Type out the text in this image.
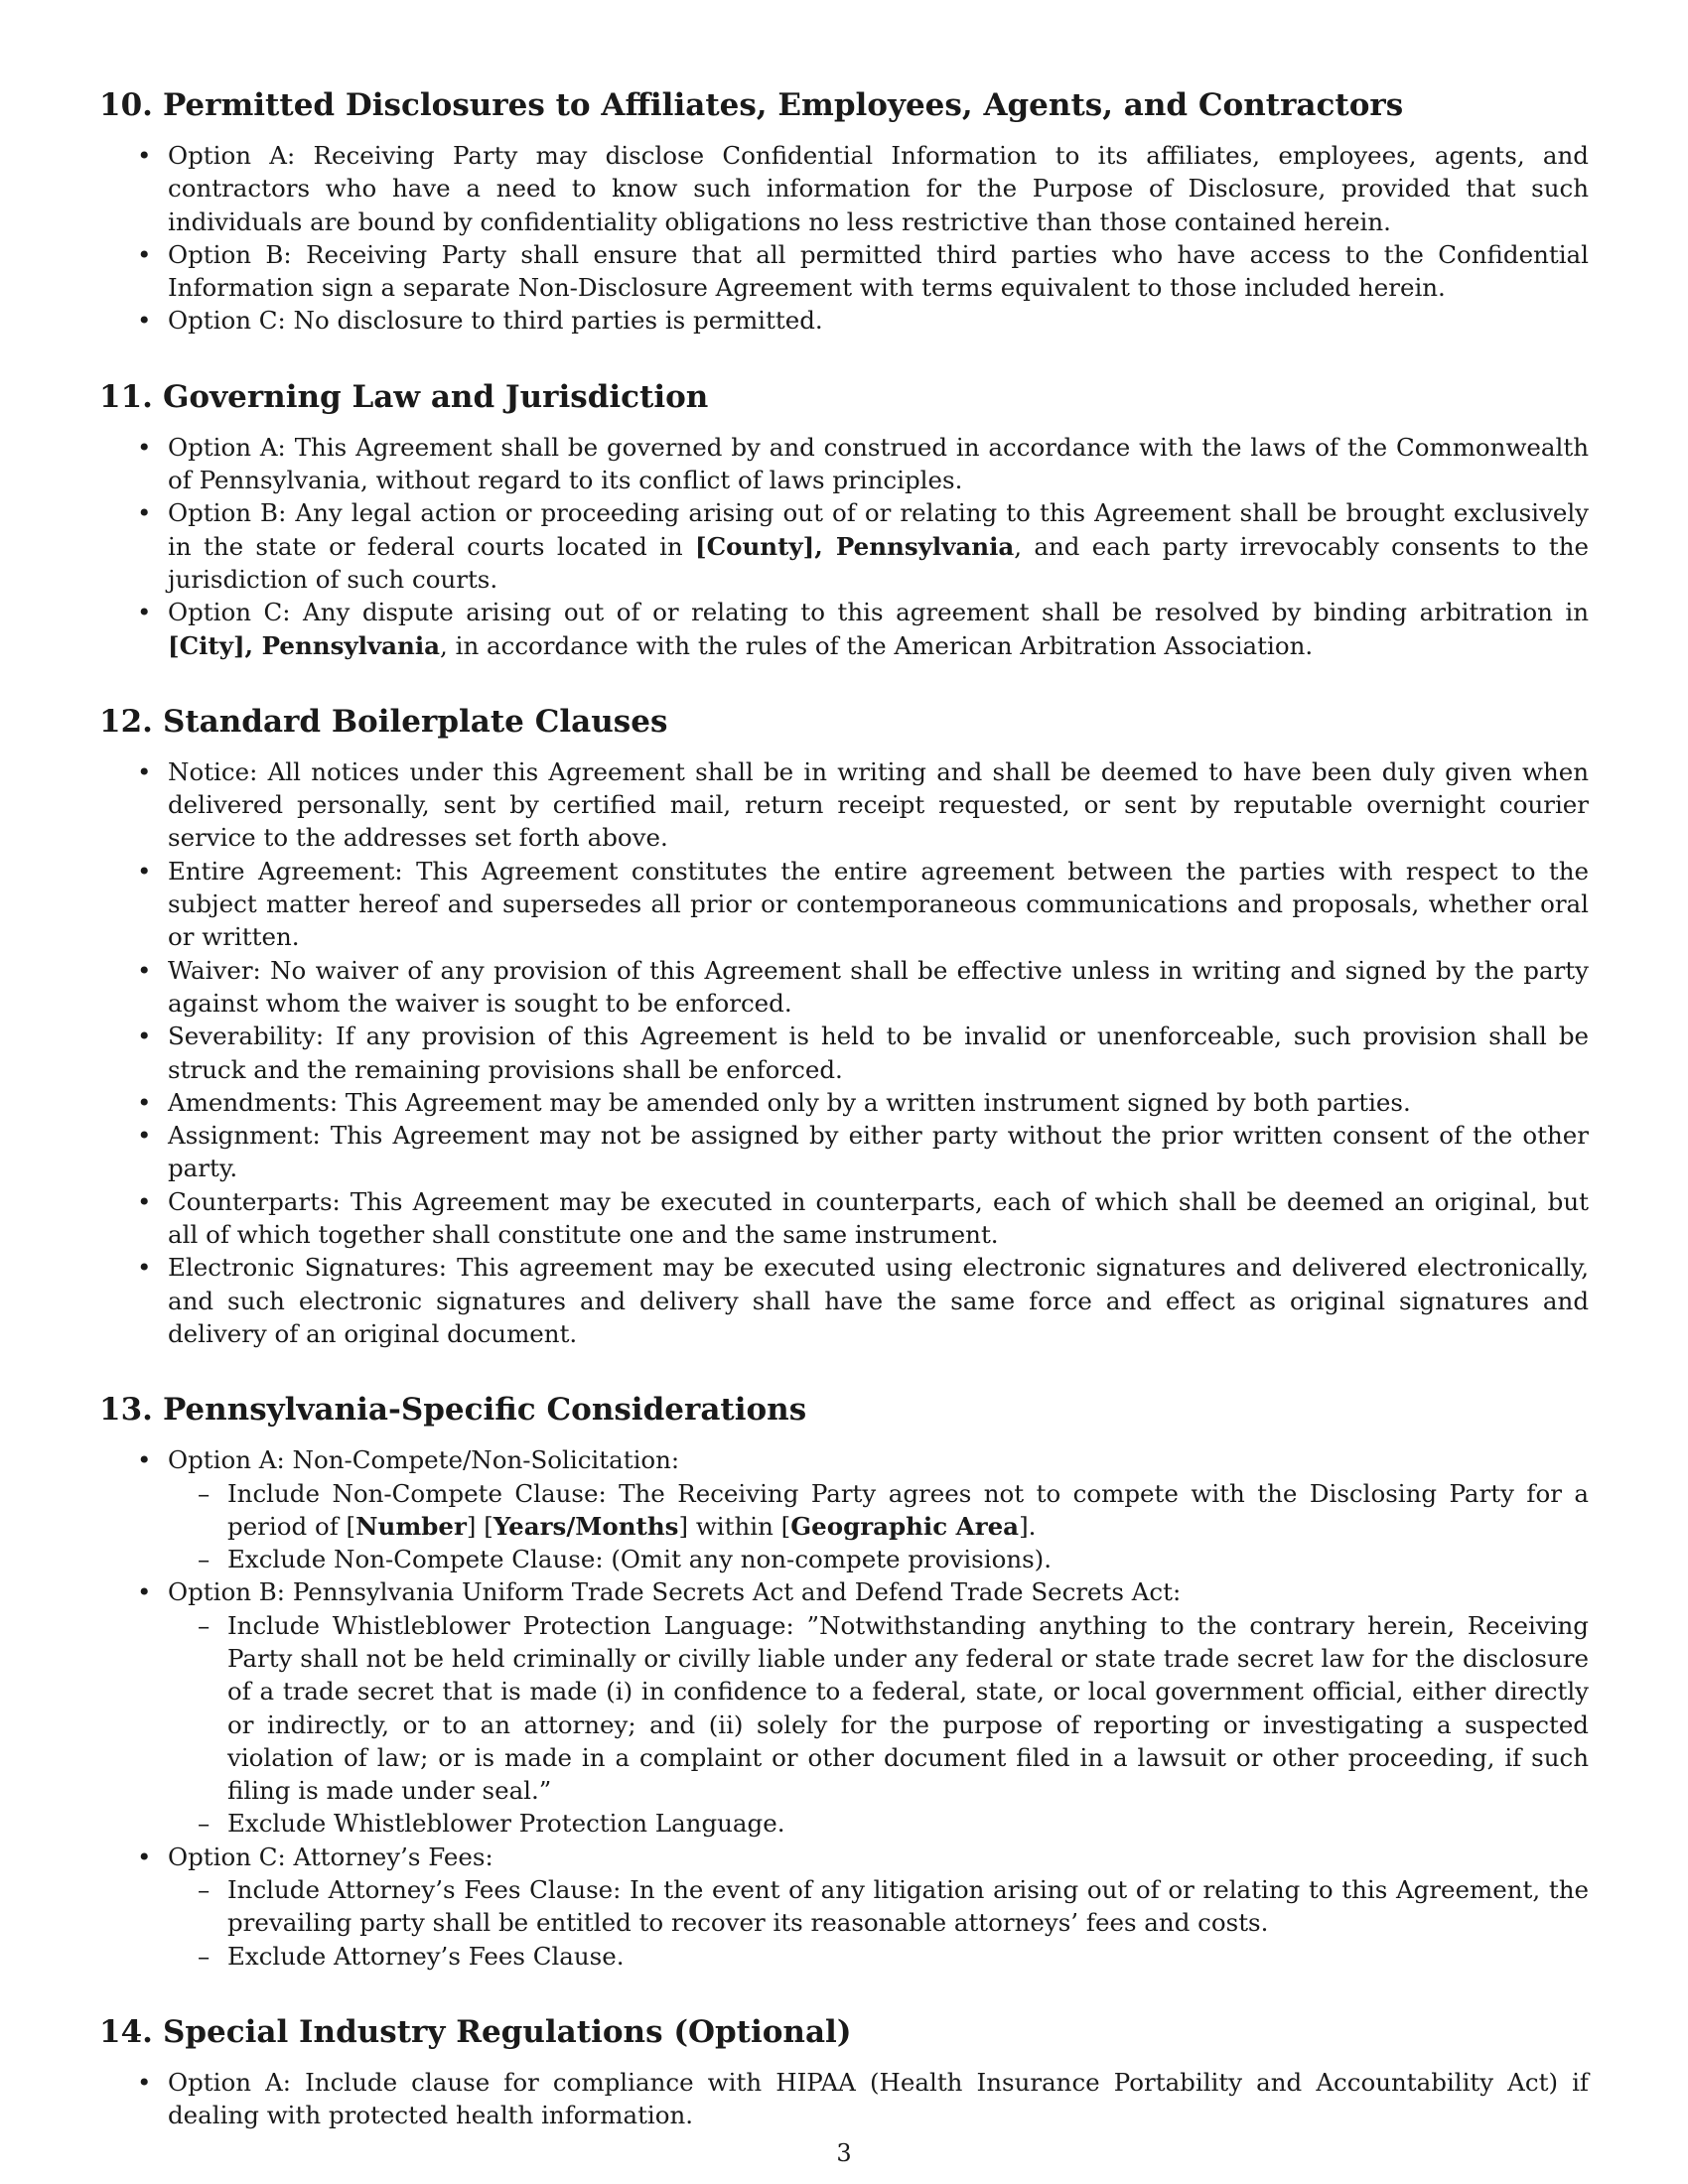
10. Permitted Disclosures to Affiliates, Employees, Agents, and Contractors
• Option A: Receiving Party may disclose Confidential Information to its affiliates, employees, agents, and contractors who have a need to know such information for the Purpose of Disclosure, provided that such individuals are bound by confidentiality obligations no less restrictive than those contained herein.
• Option B: Receiving Party shall ensure that all permitted third parties who have access to the Confidential Information sign a separate Non-Disclosure Agreement with terms equivalent to those included herein.
• Option C: No disclosure to third parties is permitted.
11. Governing Law and Jurisdiction
• Option A: This Agreement shall be governed by and construed in accordance with the laws of the Commonwealth of Pennsylvania, without regard to its conflict of laws principles.
• Option B: Any legal action or proceeding arising out of or relating to this Agreement shall be brought exclusively in the state or federal courts located in [County], Pennsylvania, and each party irrevocably consents to the jurisdiction of such courts.
• Option C: Any dispute arising out of or relating to this agreement shall be resolved by binding arbitration in [City], Pennsylvania, in accordance with the rules of the American Arbitration Association.
12. Standard Boilerplate Clauses
• Notice: All notices under this Agreement shall be in writing and shall be deemed to have been duly given when delivered personally, sent by certified mail, return receipt requested, or sent by reputable overnight courier service to the addresses set forth above.
• Entire Agreement: This Agreement constitutes the entire agreement between the parties with respect to the subject matter hereof and supersedes all prior or contemporaneous communications and proposals, whether oral or written.
• Waiver: No waiver of any provision of this Agreement shall be effective unless in writing and signed by the party against whom the waiver is sought to be enforced.
• Severability: If any provision of this Agreement is held to be invalid or unenforceable, such provision shall be struck and the remaining provisions shall be enforced.
• Amendments: This Agreement may be amended only by a written instrument signed by both parties.
• Assignment: This Agreement may not be assigned by either party without the prior written consent of the other party.
• Counterparts: This Agreement may be executed in counterparts, each of which shall be deemed an original, but all of which together shall constitute one and the same instrument.
• Electronic Signatures: This agreement may be executed using electronic signatures and delivered electronically, and such electronic signatures and delivery shall have the same force and effect as original signatures and delivery of an original document.
13. Pennsylvania-Specific Considerations
• Option A: Non-Compete/Non-Solicitation:
– Include Non-Compete Clause: The Receiving Party agrees not to compete with the Disclosing Party for a period of [Number] [Years/Months] within [Geographic Area].
– Exclude Non-Compete Clause: (Omit any non-compete provisions).
• Option B: Pennsylvania Uniform Trade Secrets Act and Defend Trade Secrets Act:
– Include Whistleblower Protection Language: ”Notwithstanding anything to the contrary herein, Receiving Party shall not be held criminally or civilly liable under any federal or state trade secret law for the disclosure of a trade secret that is made (i) in confidence to a federal, state, or local government official, either directly or indirectly, or to an attorney; and (ii) solely for the purpose of reporting or investigating a suspected violation of law; or is made in a complaint or other document filed in a lawsuit or other proceeding, if such filing is made under seal.”
– Exclude Whistleblower Protection Language.
• Option C: Attorney’s Fees:
– Include Attorney’s Fees Clause: In the event of any litigation arising out of or relating to this Agreement, the prevailing party shall be entitled to recover its reasonable attorneys’ fees and costs.
– Exclude Attorney’s Fees Clause.
14. Special Industry Regulations (Optional)
• Option A: Include clause for compliance with HIPAA (Health Insurance Portability and Accountability Act) if dealing with protected health information.
3
